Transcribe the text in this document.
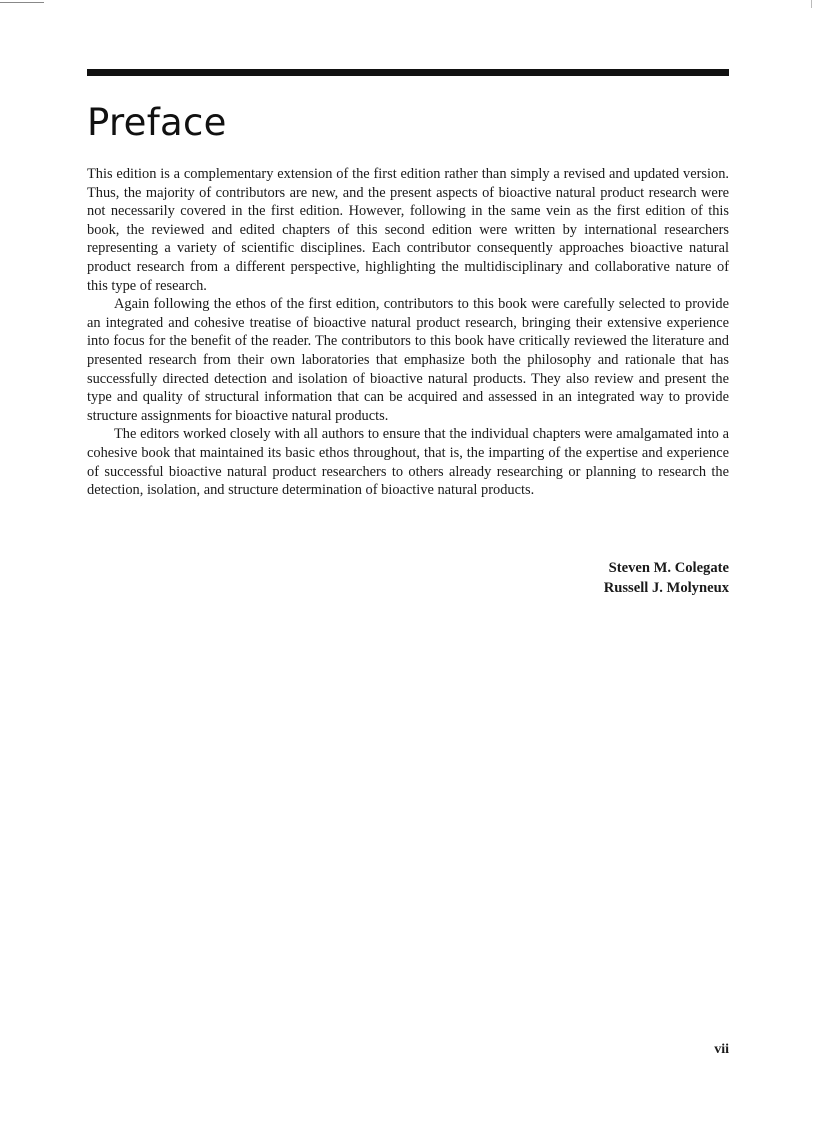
Preface

This edition is a complementary extension of the first edition rather than simply a revised and updated version. Thus, the majority of contributors are new, and the present aspects of bioactive natural product research were not necessarily covered in the first edition. However, following in the same vein as the first edition of this book, the reviewed and edited chapters of this second edition were written by international researchers representing a variety of scientific disciplines. Each contributor consequently approaches bioactive natural product research from a different perspective, highlighting the multidisciplinary and collaborative nature of this type of research.

Again following the ethos of the first edition, contributors to this book were carefully selected to provide an integrated and cohesive treatise of bioactive natural product research, bringing their extensive experience into focus for the benefit of the reader. The contributors to this book have critically reviewed the literature and presented research from their own laboratories that emphasize both the philosophy and rationale that has successfully directed detection and isolation of bioactive natural products. They also review and present the type and quality of structural information that can be acquired and assessed in an integrated way to provide structure assignments for bioactive natural products.

The editors worked closely with all authors to ensure that the individual chapters were amalgamated into a cohesive book that maintained its basic ethos throughout, that is, the imparting of the expertise and experience of successful bioactive natural product researchers to others already researching or planning to research the detection, isolation, and structure determination of bioactive natural products.

Steven M. Colegate
Russell J. Molyneux
vii
